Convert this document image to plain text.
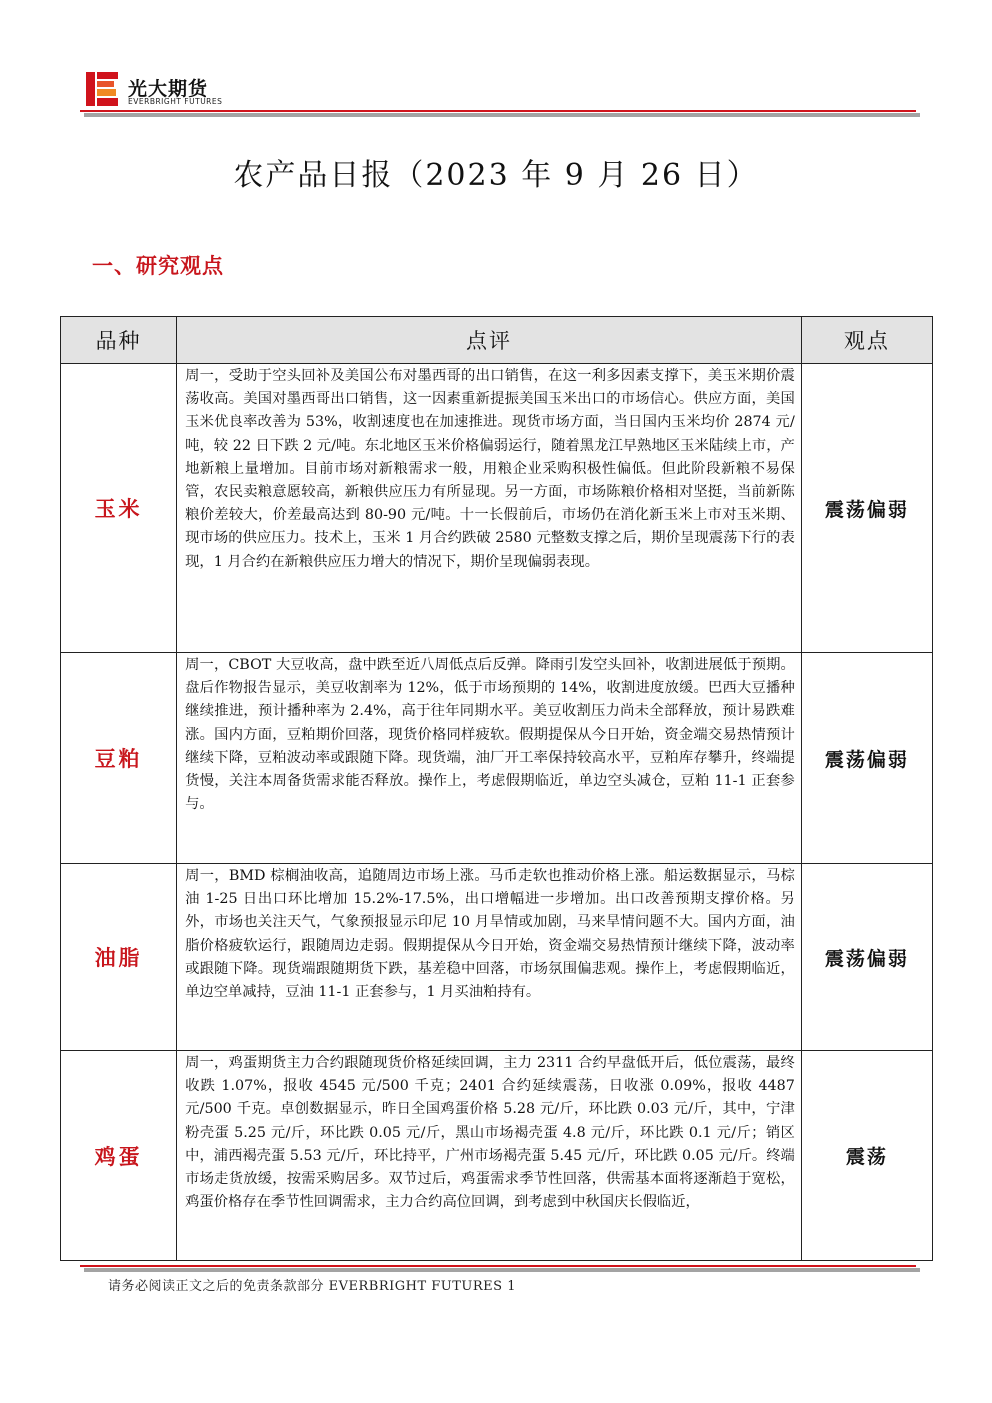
光大期货
EVERBRIGHT FUTURES
农产品日报（2023 年 9 月 26 日）
一、研究观点
品种	点评	观点
玉米	周一，受助于空头回补及美国公布对墨西哥的出口销售，在这一利多因素支撑下，美玉米期价震荡收高。美国对墨西哥出口销售，这一因素重新提振美国玉米出口的市场信心。供应方面，美国玉米优良率改善为 53%，收割速度也在加速推进。现货市场方面，当日国内玉米均价 2874 元/吨，较 22 日下跌 2 元/吨。东北地区玉米价格偏弱运行，随着黑龙江早熟地区玉米陆续上市，产地新粮上量增加。目前市场对新粮需求一般，用粮企业采购积极性偏低。但此阶段新粮不易保管，农民卖粮意愿较高，新粮供应压力有所显现。另一方面，市场陈粮价格相对坚挺，当前新陈粮价差较大，价差最高达到 80-90 元/吨。十一长假前后，市场仍在消化新玉米上市对玉米期、现市场的供应压力。技术上，玉米 1 月合约跌破 2580 元整数支撑之后，期价呈现震荡下行的表现，1 月合约在新粮供应压力增大的情况下，期价呈现偏弱表现。	震荡偏弱
豆粕	周一，CBOT 大豆收高，盘中跌至近八周低点后反弹。降雨引发空头回补，收割进展低于预期。盘后作物报告显示，美豆收割率为 12%，低于市场预期的 14%，收割进度放缓。巴西大豆播种继续推进，预计播种率为 2.4%，高于往年同期水平。美豆收割压力尚未全部释放，预计易跌难涨。国内方面，豆粕期价回落，现货价格同样疲软。假期提保从今日开始，资金端交易热情预计继续下降，豆粕波动率或跟随下降。现货端，油厂开工率保持较高水平，豆粕库存攀升，终端提货慢，关注本周备货需求能否释放。操作上，考虑假期临近，单边空头减仓，豆粕 11-1 正套参与。	震荡偏弱
油脂	周一，BMD 棕榈油收高，追随周边市场上涨。马币走软也推动价格上涨。船运数据显示，马棕油 1-25 日出口环比增加 15.2%-17.5%，出口增幅进一步增加。出口改善预期支撑价格。另外，市场也关注天气，气象预报显示印尼 10 月旱情或加剧，马来旱情问题不大。国内方面，油脂价格疲软运行，跟随周边走弱。假期提保从今日开始，资金端交易热情预计继续下降，波动率或跟随下降。现货端跟随期货下跌，基差稳中回落，市场氛围偏悲观。操作上，考虑假期临近，单边空单减持，豆油 11-1 正套参与，1 月买油粕持有。	震荡偏弱
鸡蛋	周一，鸡蛋期货主力合约跟随现货价格延续回调，主力 2311 合约早盘低开后，低位震荡，最终收跌 1.07%，报收 4545 元/500 千克；2401 合约延续震荡，日收涨 0.09%，报收 4487 元/500 千克。卓创数据显示，昨日全国鸡蛋价格 5.28 元/斤，环比跌 0.03 元/斤，其中，宁津粉壳蛋 5.25 元/斤，环比跌 0.05 元/斤，黑山市场褐壳蛋 4.8 元/斤，环比跌 0.1 元/斤；销区中，浦西褐壳蛋 5.53 元/斤，环比持平，广州市场褐壳蛋 5.45 元/斤，环比跌 0.05 元/斤。终端市场走货放缓，按需采购居多。双节过后，鸡蛋需求季节性回落，供需基本面将逐渐趋于宽松，鸡蛋价格存在季节性回调需求，主力合约高位回调，到考虑到中秋国庆长假临近，	震荡
请务必阅读正文之后的免责条款部分 EVERBRIGHT FUTURES 1
